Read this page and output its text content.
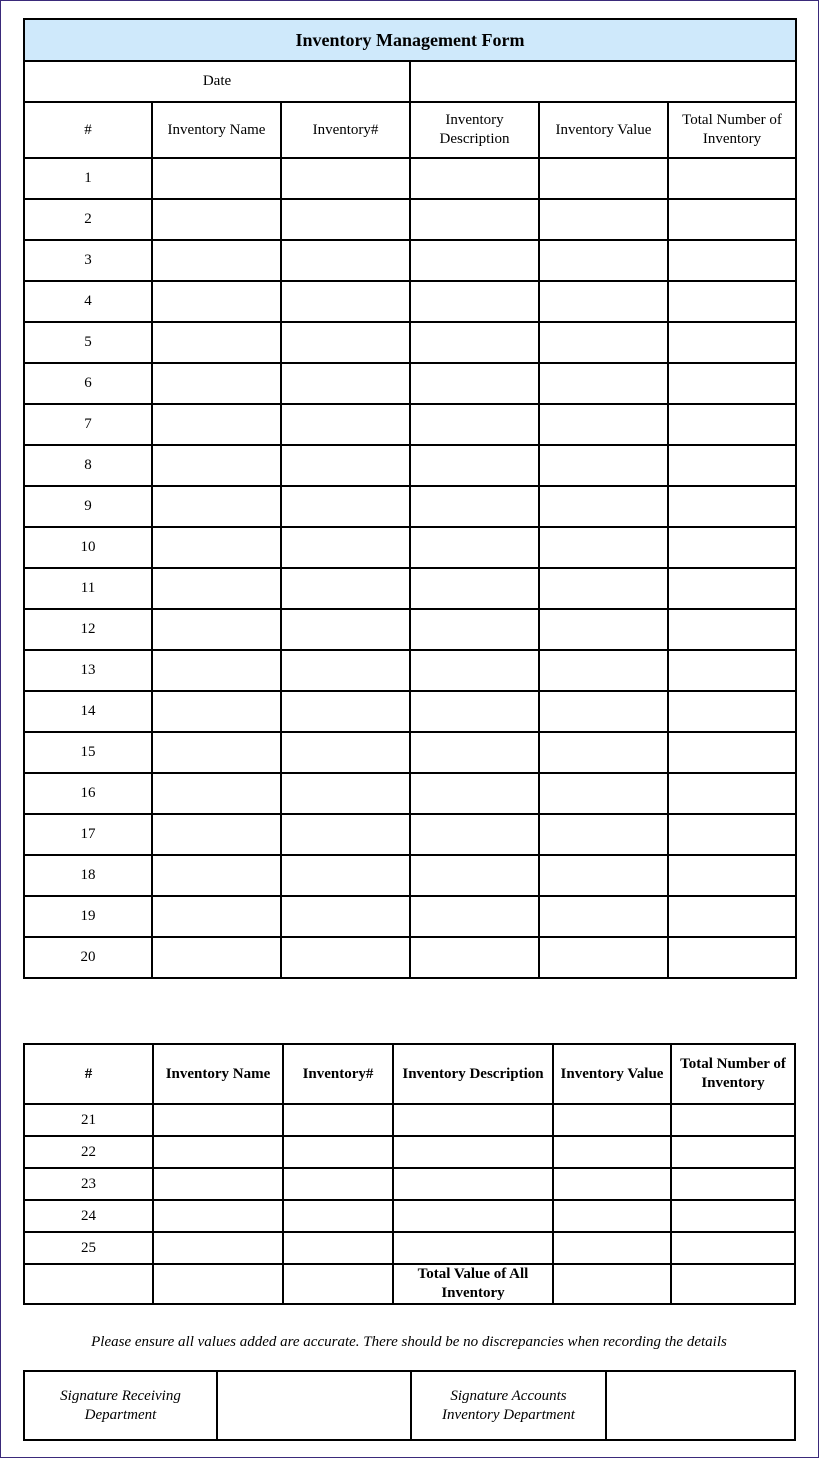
Inventory Management Form					
Date					
#	Inventory Name	Inventory#	Inventory Description	Inventory Value	Total Number of Inventory
1					
2					
3					
4					
5					
6					
7					
8					
9					
10					
11					
12					
13					
14					
15					
16					
17					
18					
19					
20					
#	Inventory Name	Inventory#	Inventory Description	Inventory Value	Total Number of Inventory
21					
22					
23					
24					
25					
			Total Value of All Inventory		
Please ensure all values added are accurate. There should be no discrepancies when recording the details
Signature Receiving Department		Signature Accounts Inventory Department	
